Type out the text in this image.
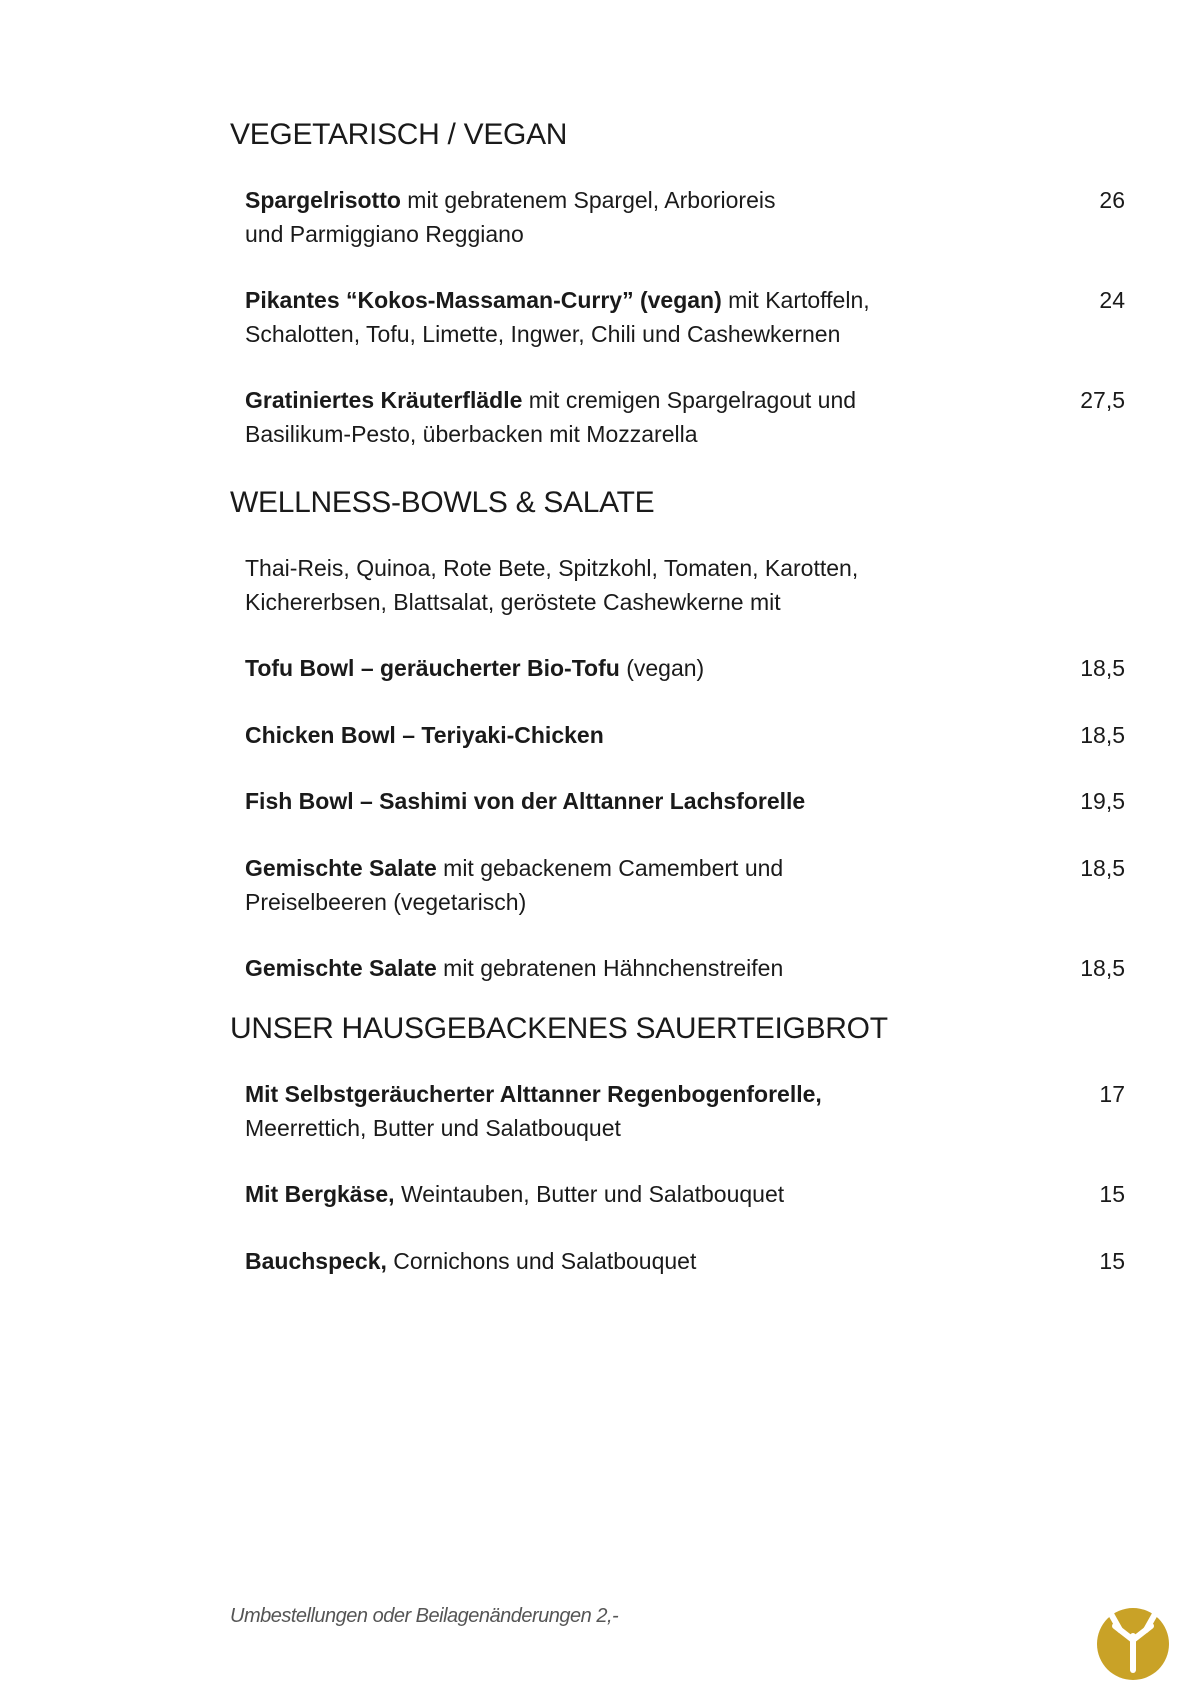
VEGETARISCH / VEGAN
Spargelrisotto mit gebratenem Spargel, Arborioreis
und Parmiggiano Reggiano
26
Pikantes “Kokos-Massaman-Curry” (vegan) mit Kartoffeln,
Schalotten, Tofu, Limette, Ingwer, Chili und Cashewkernen
24
Gratiniertes Kräuterflädle mit cremigen Spargelragout und
Basilikum-Pesto, überbacken mit Mozzarella
27,5
WELLNESS-BOWLS & SALATE
Thai-Reis, Quinoa, Rote Bete, Spitzkohl, Tomaten, Karotten,
Kichererbsen, Blattsalat, geröstete Cashewkerne mit
Tofu Bowl – geräucherter Bio-Tofu (vegan)	18,5
Chicken Bowl – Teriyaki-Chicken	18,5
Fish Bowl – Sashimi von der Alttanner Lachsforelle	19,5
Gemischte Salate mit gebackenem Camembert und
Preiselbeeren (vegetarisch)
18,5
Gemischte Salate mit gebratenen Hähnchenstreifen	18,5
UNSER HAUSGEBACKENES SAUERTEIGBROT
Mit Selbstgeräucherter Alttanner Regenbogenforelle,
Meerrettich, Butter und Salatbouquet
17
Mit Bergkäse, Weintauben, Butter und Salatbouquet	15
Bauchspeck, Cornichons und Salatbouquet	15
Umbestellungen oder Beilagenänderungen 2,-
